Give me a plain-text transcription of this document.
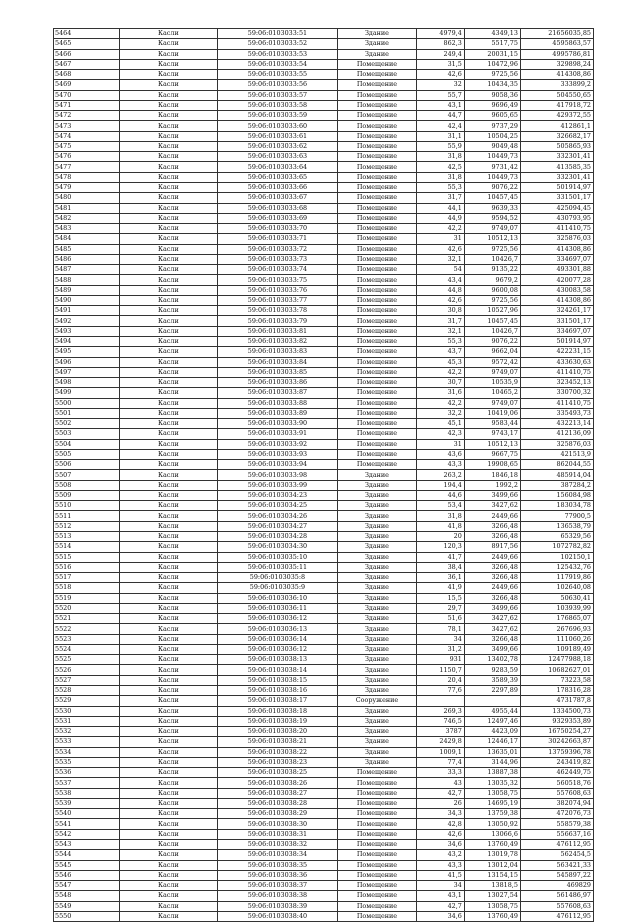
5464	Касли	59:06:0103033:51	Здание	4979,4	4349,13	21656035,85
5465	Касли	59:06:0103033:52	Здание	862,3	5517,75	4595863,57
5466	Касли	59:06:0103033:53	Здание	249,4	20031,15	4995786,81
5467	Касли	59:06:0103033:54	Помещение	31,5	10472,96	329898,24
5468	Касли	59:06:0103033:55	Помещение	42,6	9725,56	414308,86
5469	Касли	59:06:0103033:56	Помещение	32	10434,35	333899,2
5470	Касли	59:06:0103033:57	Помещение	55,7	9058,36	504550,65
5471	Касли	59:06:0103033:58	Помещение	43,1	9696,49	417918,72
5472	Касли	59:06:0103033:59	Помещение	44,7	9605,65	429372,55
5473	Касли	59:06:0103033:60	Помещение	42,4	9737,29	412861,1
5474	Касли	59:06:0103033:61	Помещение	31,1	10504,25	326682,17
5475	Касли	59:06:0103033:62	Помещение	55,9	9049,48	505865,93
5476	Касли	59:06:0103033:63	Помещение	31,8	10449,73	332301,41
5477	Касли	59:06:0103033:64	Помещение	42,5	9731,42	413585,35
5478	Касли	59:06:0103033:65	Помещение	31,8	10449,73	332301,41
5479	Касли	59:06:0103033:66	Помещение	55,3	9076,22	501914,97
5480	Касли	59:06:0103033:67	Помещение	31,7	10457,45	331501,17
5481	Касли	59:06:0103033:68	Помещение	44,1	9639,33	425094,45
5482	Касли	59:06:0103033:69	Помещение	44,9	9594,52	430793,95
5483	Касли	59:06:0103033:70	Помещение	42,2	9749,07	411410,75
5484	Касли	59:06:0103033:71	Помещение	31	10512,13	325876,03
5485	Касли	59:06:0103033:72	Помещение	42,6	9725,56	414308,86
5486	Касли	59:06:0103033:73	Помещение	32,1	10426,7	334697,07
5487	Касли	59:06:0103033:74	Помещение	54	9135,22	493301,88
5488	Касли	59:06:0103033:75	Помещение	43,4	9679,2	420077,28
5489	Касли	59:06:0103033:76	Помещение	44,8	9600,08	430083,58
5490	Касли	59:06:0103033:77	Помещение	42,6	9725,56	414308,86
5491	Касли	59:06:0103033:78	Помещение	30,8	10527,96	324261,17
5492	Касли	59:06:0103033:79	Помещение	31,7	10457,45	331501,17
5493	Касли	59:06:0103033:81	Помещение	32,1	10426,7	334697,07
5494	Касли	59:06:0103033:82	Помещение	55,3	9076,22	501914,97
5495	Касли	59:06:0103033:83	Помещение	43,7	9662,04	422231,15
5496	Касли	59:06:0103033:84	Помещение	45,3	9572,42	433630,63
5497	Касли	59:06:0103033:85	Помещение	42,2	9749,07	411410,75
5498	Касли	59:06:0103033:86	Помещение	30,7	10535,9	323452,13
5499	Касли	59:06:0103033:87	Помещение	31,6	10465,2	330700,32
5500	Касли	59:06:0103033:88	Помещение	42,2	9749,07	411410,75
5501	Касли	59:06:0103033:89	Помещение	32,2	10419,06	335493,73
5502	Касли	59:06:0103033:90	Помещение	45,1	9583,44	432213,14
5503	Касли	59:06:0103033:91	Помещение	42,3	9743,17	412136,09
5504	Касли	59:06:0103033:92	Помещение	31	10512,13	325876,03
5505	Касли	59:06:0103033:93	Помещение	43,6	9667,75	421513,9
5506	Касли	59:06:0103033:94	Помещение	43,3	19908,65	862044,55
5507	Касли	59:06:0103033:98	Здание	263,2	1846,18	485914,04
5508	Касли	59:06:0103033:99	Здание	194,4	1992,2	387284,2
5509	Касли	59:06:0103034:23	Здание	44,6	3499,66	156084,98
5510	Касли	59:06:0103034:25	Здание	53,4	3427,62	183034,78
5511	Касли	59:06:0103034:26	Здание	31,8	2449,66	77900,5
5512	Касли	59:06:0103034:27	Здание	41,8	3266,48	136538,79
5513	Касли	59:06:0103034:28	Здание	20	3266,48	65329,56
5514	Касли	59:06:0103034:30	Здание	120,3	8917,56	1072782,82
5515	Касли	59:06:0103035:10	Здание	41,7	2449,66	102150,1
5516	Касли	59:06:0103035:11	Здание	38,4	3266,48	125432,76
5517	Касли	59:06:0103035:8	Здание	36,1	3266,48	117919,86
5518	Касли	59:06:0103035:9	Здание	41,9	2449,66	102640,08
5519	Касли	59:06:0103036:10	Здание	15,5	3266,48	50630,41
5520	Касли	59:06:0103036:11	Здание	29,7	3499,66	103939,99
5521	Касли	59:06:0103036:12	Здание	51,6	3427,62	176865,07
5522	Касли	59:06:0103036:13	Здание	78,1	3427,62	267696,93
5523	Касли	59:06:0103036:14	Здание	34	3266,48	111060,26
5524	Касли	59:06:0103036:12	Здание	31,2	3499,66	109189,49
5525	Касли	59:06:0103038:13	Здание	931	13402,78	12477988,18
5526	Касли	59:06:0103038:14	Здание	1150,7	9283,59	10682627,01
5527	Касли	59:06:0103038:15	Здание	20,4	3589,39	73223,58
5528	Касли	59:06:0103038:16	Здание	77,6	2297,89	178316,28
5529	Касли	59:06:0103038:17	Сооружение			4731787,8
5530	Касли	59:06:0103038:18	Здание	269,3	4955,44	1334500,73
5531	Касли	59:06:0103038:19	Здание	746,5	12497,46	9329353,89
5532	Касли	59:06:0103038:20	Здание	3787	4423,09	16750254,27
5533	Касли	59:06:0103038:21	Здание	2429,8	12446,17	30242663,87
5534	Касли	59:06:0103038:22	Здание	1009,1	13635,01	13759396,78
5535	Касли	59:06:0103038:23	Здание	77,4	3144,96	243419,82
5536	Касли	59:06:0103038:25	Помещение	33,3	13887,38	462449,75
5537	Касли	59:06:0103038:26	Помещение	43	13035,32	560518,76
5538	Касли	59:06:0103038:27	Помещение	42,7	13058,75	557608,63
5539	Касли	59:06:0103038:28	Помещение	26	14695,19	382074,94
5540	Касли	59:06:0103038:29	Помещение	34,3	13759,38	472076,73
5541	Касли	59:06:0103038:30	Помещение	42,8	13050,92	558579,38
5542	Касли	59:06:0103038:31	Помещение	42,6	13066,6	556637,16
5543	Касли	59:06:0103038:32	Помещение	34,6	13760,49	476112,95
5544	Касли	59:06:0103038:34	Помещение	43,2	13019,78	562454,5
5545	Касли	59:06:0103038:35	Помещение	43,3	13012,04	563421,33
5546	Касли	59:06:0103038:36	Помещение	41,5	13154,15	545897,22
5547	Касли	59:06:0103038:37	Помещение	34	13818,5	469829
5548	Касли	59:06:0103038:38	Помещение	43,1	13027,54	561486,97
5549	Касли	59:06:0103038:39	Помещение	42,7	13058,75	557608,63
5550	Касли	59:06:0103038:40	Помещение	34,6	13760,49	476112,95
